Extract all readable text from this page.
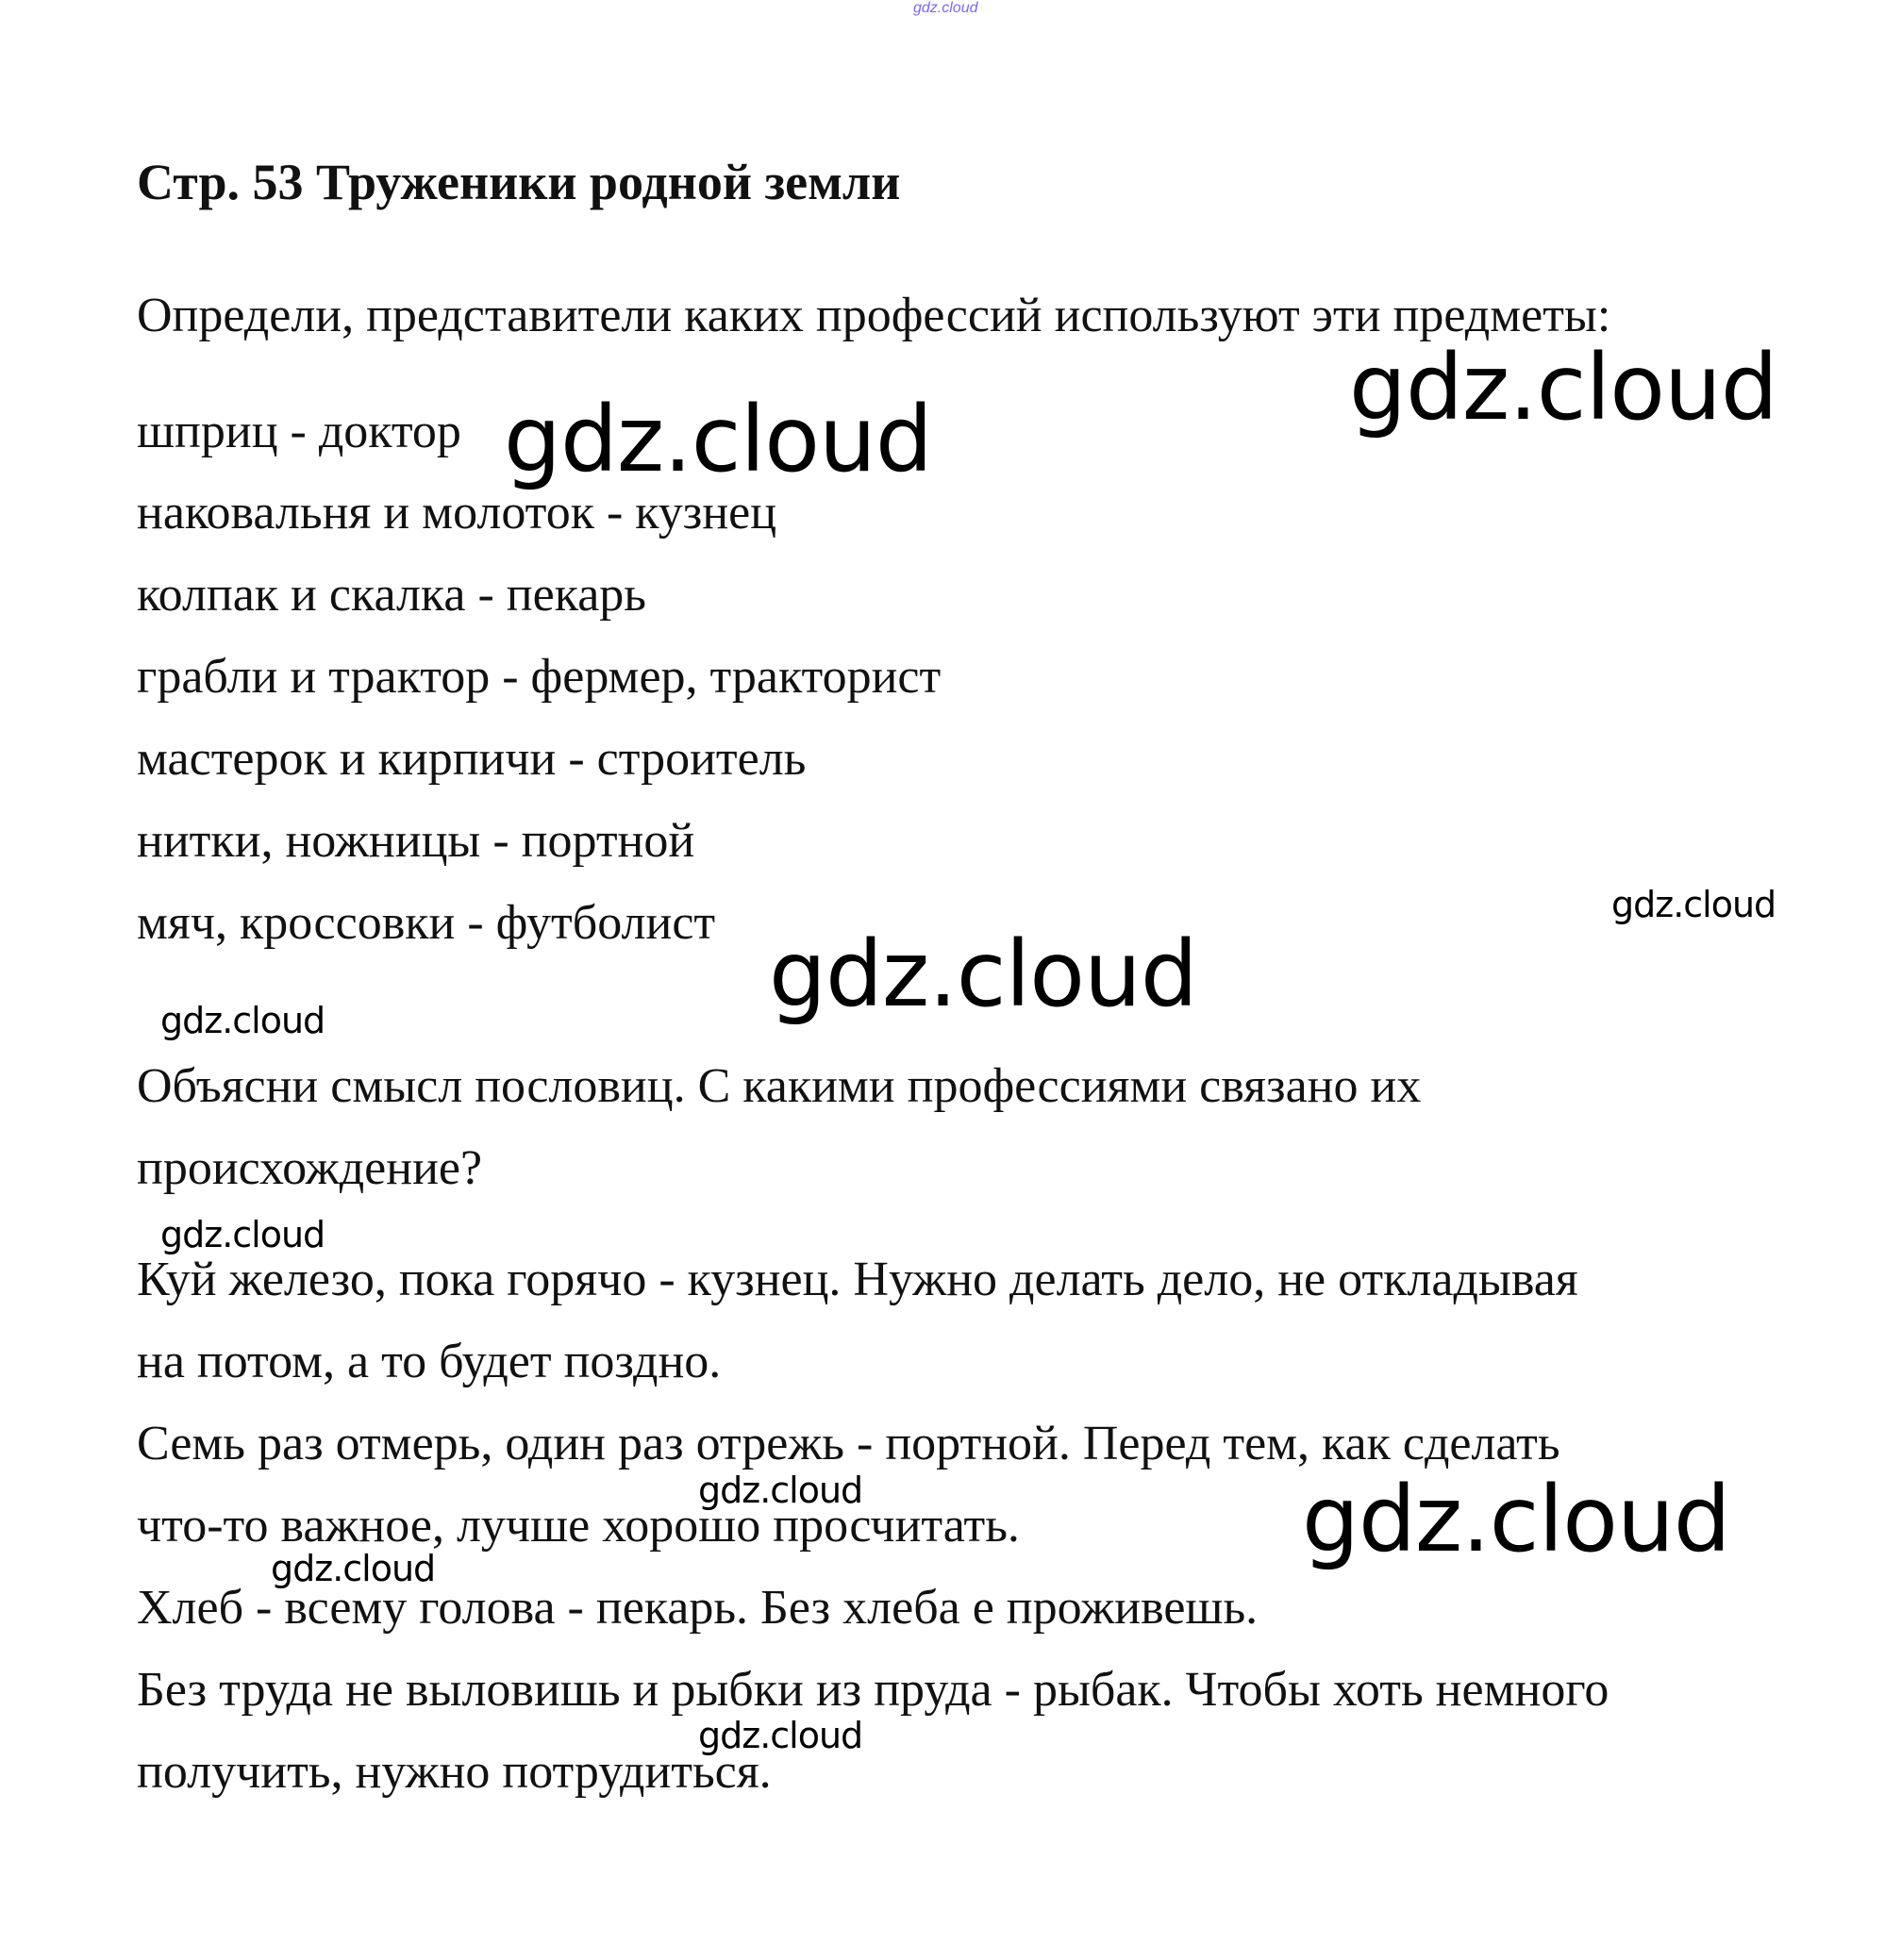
gdz.cloud
Стр. 53 Труженики родной земли
Определи, представители каких профессий используют эти предметы:
шприц - доктор
наковальня и молоток - кузнец
колпак и скалка - пекарь
грабли и трактор - фермер, тракторист
мастерок и кирпичи - строитель
нитки, ножницы - портной
мяч, кроссовки - футболист
Объясни смысл пословиц. С какими профессиями связано их
происхождение?
Куй железо, пока горячо - кузнец. Нужно делать дело, не откладывая
на потом, а то будет поздно.
Семь раз отмерь, один раз отрежь - портной. Перед тем, как сделать
что-то важное, лучше хорошо просчитать.
Хлеб - всему голова - пекарь. Без хлеба е проживешь.
Без труда не выловишь и рыбки из пруда - рыбак. Чтобы хоть немного
получить, нужно потрудиться.
gdz.cloud
gdz.cloud
gdz.cloud
gdz.cloud
gdz.cloud
gdz.cloud
gdz.cloud	gdz.cloud
gdz.cloud
gdz.cloud
